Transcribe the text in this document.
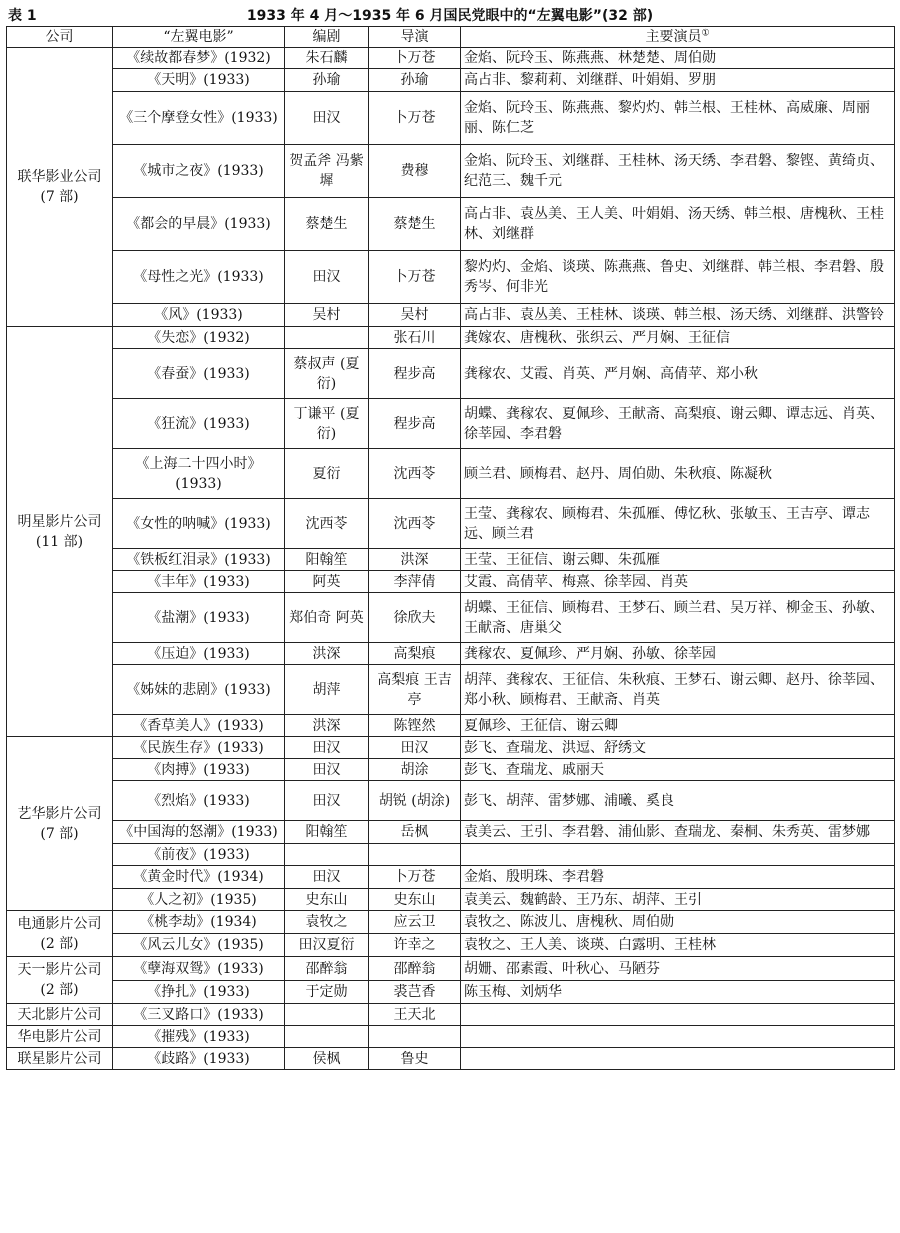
表 1	1933 年 4 月～1935 年 6 月国民党眼中的“左翼电影”(32 部)
公司	“左翼电影”	编剧	导演	主要演员①

联华影业公司
(7 部)	《续故都春梦》(1932)	朱石麟	卜万苍	金焰、阮玲玉、陈燕燕、林楚楚、周伯勋
	《天明》(1933)	孙瑜	孙瑜	高占非、黎莉莉、刘继群、叶娟娟、罗朋
	《三个摩登女性》(1933)	田汉	卜万苍	金焰、阮玲玉、陈燕燕、黎灼灼、韩兰根、王桂林、高威廉、周丽丽、陈仁芝
	《城市之夜》(1933)	贺孟斧 冯紫墀	费穆	金焰、阮玲玉、刘继群、王桂林、汤天绣、李君磐、黎铿、黄绮贞、纪范三、魏千元
	《都会的早晨》(1933)	蔡楚生	蔡楚生	高占非、袁丛美、王人美、叶娟娟、汤天绣、韩兰根、唐槐秋、王桂林、刘继群
	《母性之光》(1933)	田汉	卜万苍	黎灼灼、金焰、谈瑛、陈燕燕、鲁史、刘继群、韩兰根、李君磐、殷秀岑、何非光
	《风》(1933)	吴村	吴村	高占非、袁丛美、王桂林、谈瑛、韩兰根、汤天绣、刘继群、洪警铃

明星影片公司
(11 部)	《失恋》(1932)		张石川	龚嫁农、唐槐秋、张织云、严月娴、王征信
	《春蚕》(1933)	蔡叔声 (夏衍)	程步高	龚稼农、艾霞、肖英、严月娴、高倩苹、郑小秋
	《狂流》(1933)	丁谦平 (夏衍)	程步高	胡蝶、龚稼农、夏佩珍、王献斋、高梨痕、谢云卿、谭志远、肖英、徐莘园、李君磐
	《上海二十四小时》 (1933)	夏衍	沈西苓	顾兰君、顾梅君、赵丹、周伯勋、朱秋痕、陈凝秋
	《女性的呐喊》(1933)	沈西苓	沈西苓	王莹、龚稼农、顾梅君、朱孤雁、傅忆秋、张敏玉、王吉亭、谭志远、顾兰君
	《铁板红泪录》(1933)	阳翰笙	洪深	王莹、王征信、谢云卿、朱孤雁
	《丰年》(1933)	阿英	李萍倩	艾霞、高倩苹、梅熹、徐莘园、肖英
	《盐潮》(1933)	郑伯奇 阿英	徐欣夫	胡蝶、王征信、顾梅君、王梦石、顾兰君、吴万祥、柳金玉、孙敏、王献斋、唐巢父
	《压迫》(1933)	洪深	高梨痕	龚稼农、夏佩珍、严月娴、孙敏、徐莘园
	《姊妹的悲剧》(1933)	胡萍	高梨痕 王吉亭	胡萍、龚稼农、王征信、朱秋痕、王梦石、谢云卿、赵丹、徐莘园、郑小秋、顾梅君、王献斋、肖英
	《香草美人》(1933)	洪深	陈铿然	夏佩珍、王征信、谢云卿

艺华影片公司
(7 部)	《民族生存》(1933)	田汉	田汉	彭飞、查瑞龙、洪逗、舒绣文
	《肉搏》(1933)	田汉	胡涂	彭飞、查瑞龙、戚丽天
	《烈焰》(1933)	田汉	胡锐 (胡涂)	彭飞、胡萍、雷梦娜、浦曦、奚良
	《中国海的怒潮》(1933)	阳翰笙	岳枫	袁美云、王引、李君磐、浦仙影、查瑞龙、秦桐、朱秀英、雷梦娜
	《前夜》(1933)			
	《黄金时代》(1934)	田汉	卜万苍	金焰、殷明珠、李君磐
	《人之初》(1935)	史东山	史东山	袁美云、魏鹤龄、王乃东、胡萍、王引

电通影片公司
(2 部)	《桃李劫》(1934)	袁牧之	应云卫	袁牧之、陈波儿、唐槐秋、周伯勋
	《风云儿女》(1935)	田汉夏衍	许幸之	袁牧之、王人美、谈瑛、白露明、王桂林

天一影片公司
(2 部)	《孽海双鸳》(1933)	邵醉翁	邵醉翁	胡姗、邵素霞、叶秋心、马陋芬
	《挣扎》(1933)	于定勋	裘芑香	陈玉梅、刘炳华

天北影片公司	《三叉路口》(1933)		王天北	

华电影片公司	《摧残》(1933)			

联星影片公司	《歧路》(1933)	侯枫	鲁史	
